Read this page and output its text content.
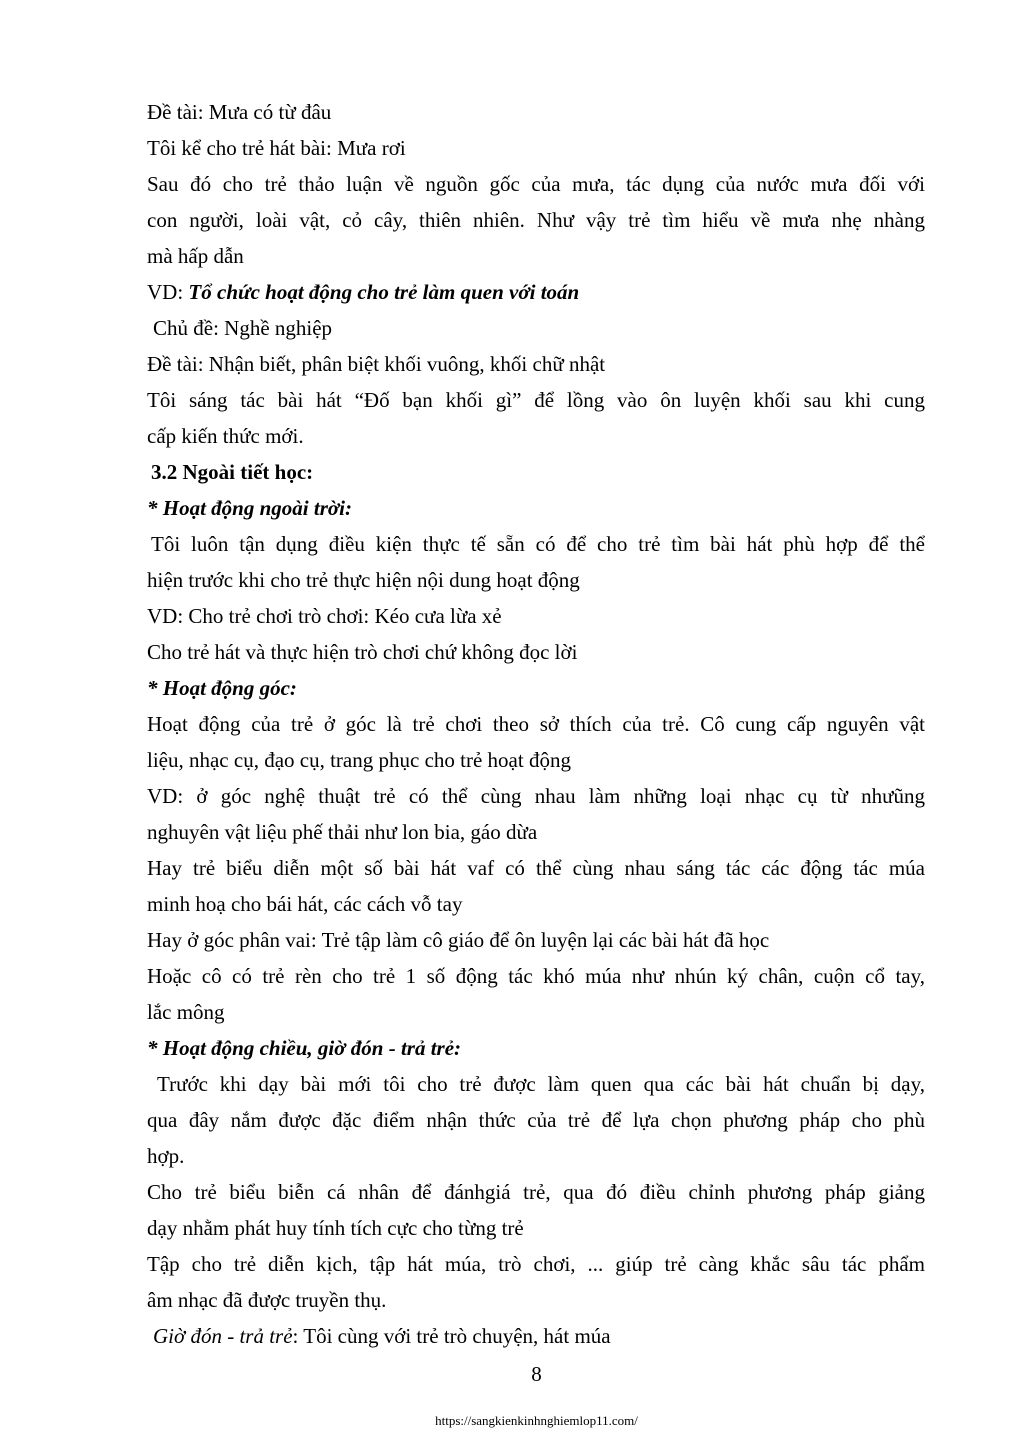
Đề tài: Mưa có từ đâu
Tôi kể cho trẻ hát bài: Mưa rơi
Sau đó cho trẻ thảo luận về nguồn gốc của mưa, tác dụng của nước mưa đối với
con người, loài vật, cỏ cây, thiên nhiên. Như vậy trẻ tìm hiểu về mưa nhẹ nhàng
mà hấp dẫn
VD: Tổ chức hoạt động cho trẻ làm quen với toán
Chủ đề: Nghề nghiệp
Đề tài: Nhận biết, phân biệt khối vuông, khối chữ nhật
Tôi sáng tác bài hát “Đố bạn khối gì” để lồng vào ôn luyện khối sau khi cung
cấp kiến thức mới.
3.2 Ngoài tiết học:
* Hoạt động ngoài trời:
Tôi luôn tận dụng điều kiện thực tế sẵn có để cho trẻ tìm bài hát phù hợp để thể
hiện trước khi cho trẻ thực hiện nội dung hoạt động
VD: Cho trẻ chơi trò chơi: Kéo cưa lừa xẻ
Cho trẻ hát và thực hiện trò chơi chứ không đọc lời
* Hoạt động góc:
Hoạt động của trẻ ở góc là trẻ chơi theo sở thích của trẻ. Cô cung cấp nguyên vật
liệu, nhạc cụ, đạo cụ, trang phục cho trẻ hoạt động
VD: ở góc nghệ thuật trẻ có thể cùng nhau làm những loại nhạc cụ từ nhưũng
nghuyên vật liệu phế thải như lon bia, gáo dừa
Hay trẻ biểu diễn một số bài hát vaf có thể cùng nhau sáng tác các động tác múa
minh hoạ cho bái hát, các cách vỗ tay
Hay ở góc phân vai: Trẻ tập làm cô giáo để ôn luyện lại các bài hát đã học
Hoặc cô có trẻ rèn cho trẻ 1 số động tác khó múa như nhún ký chân, cuộn cổ tay,
lắc mông
* Hoạt động chiều, giờ đón - trả trẻ:
Trước khi dạy bài mới tôi cho trẻ được làm quen qua các bài hát chuẩn bị dạy,
qua đây nắm được đặc điểm nhận thức của trẻ để lựa chọn phương pháp cho phù
hợp.
Cho trẻ biểu biễn cá nhân để đánhgiá trẻ, qua đó điều chỉnh phương pháp giảng
dạy nhằm phát huy tính tích cực cho từng trẻ
Tập cho trẻ diễn kịch, tập hát múa, trò chơi, ... giúp trẻ càng khắc sâu tác phẩm
âm nhạc đã được truyền thụ.
Giờ đón - trả trẻ: Tôi cùng với trẻ trò chuyện, hát múa
8
https://sangkienkinhnghiemlop11.com/
